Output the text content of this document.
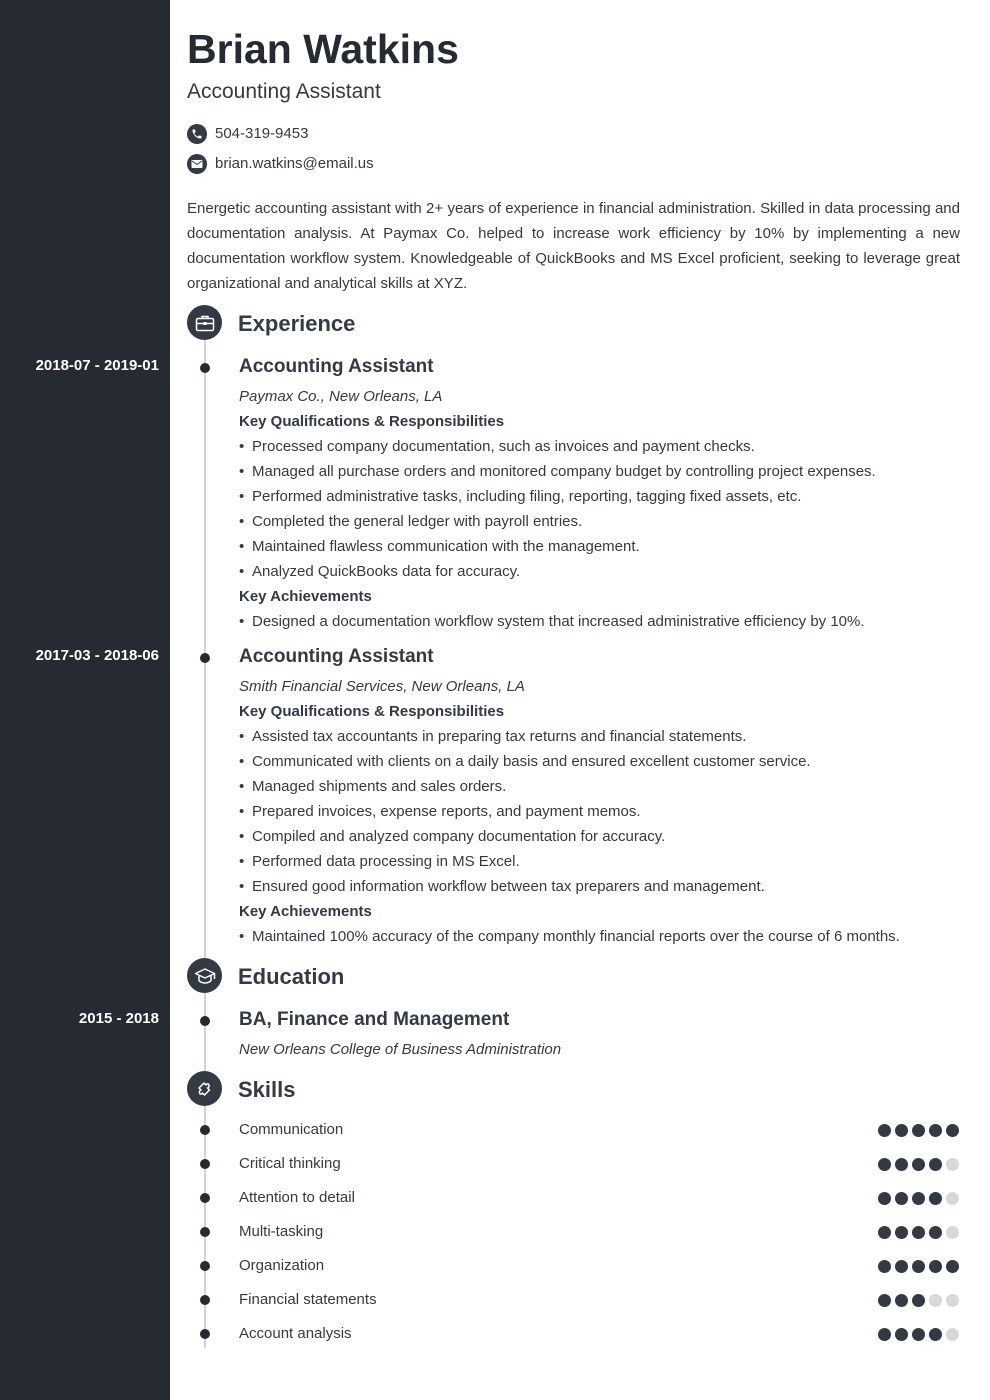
Brian Watkins
Accounting Assistant
504-319-9453
brian.watkins@email.us
Energetic accounting assistant with 2+ years of experience in financial administration. Skilled in data processing and documentation analysis. At Paymax Co. helped to increase work efficiency by 10% by implementing a new documentation workflow system. Knowledgeable of QuickBooks and MS Excel proficient, seeking to leverage great organizational and analytical skills at XYZ.
Experience
2018-07 - 2019-01	Accounting Assistant
Paymax Co., New Orleans, LA
Key Qualifications & Responsibilities
• Processed company documentation, such as invoices and payment checks.
• Managed all purchase orders and monitored company budget by controlling project expenses.
• Performed administrative tasks, including filing, reporting, tagging fixed assets, etc.
• Completed the general ledger with payroll entries.
• Maintained flawless communication with the management.
• Analyzed QuickBooks data for accuracy.
Key Achievements
• Designed a documentation workflow system that increased administrative efficiency by 10%.
2017-03 - 2018-06	Accounting Assistant
Smith Financial Services, New Orleans, LA
Key Qualifications & Responsibilities
• Assisted tax accountants in preparing tax returns and financial statements.
• Communicated with clients on a daily basis and ensured excellent customer service.
• Managed shipments and sales orders.
• Prepared invoices, expense reports, and payment memos.
• Compiled and analyzed company documentation for accuracy.
• Performed data processing in MS Excel.
• Ensured good information workflow between tax preparers and management.
Key Achievements
• Maintained 100% accuracy of the company monthly financial reports over the course of 6 months.
Education
2015 - 2018	BA, Finance and Management
New Orleans College of Business Administration
Skills
Communication
Critical thinking
Attention to detail
Multi-tasking
Organization
Financial statements
Account analysis
